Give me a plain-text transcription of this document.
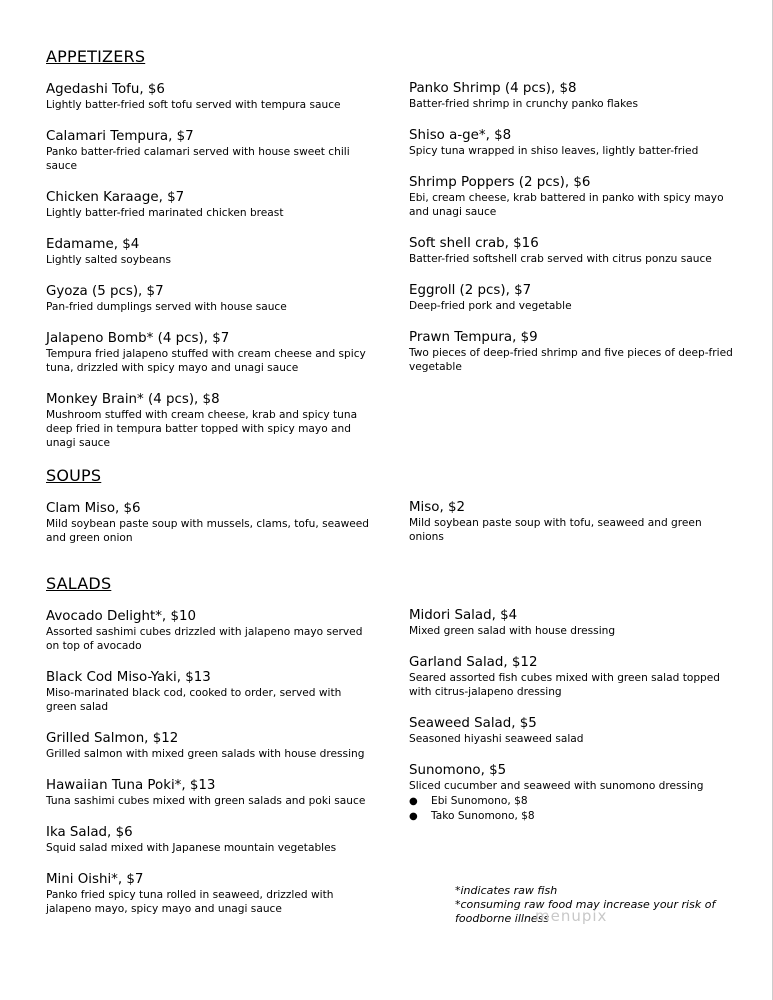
APPETIZERS
Agedashi Tofu, $6
Lightly batter-fried soft tofu served with tempura sauce
Calamari Tempura, $7
Panko batter-fried calamari served with house sweet chili sauce
Chicken Karaage, $7
Lightly batter-fried marinated chicken breast
Edamame, $4
Lightly salted soybeans
Gyoza (5 pcs), $7
Pan-fried dumplings served with house sauce
Jalapeno Bomb* (4 pcs), $7
Tempura fried jalapeno stuffed with cream cheese and spicy tuna, drizzled with spicy mayo and unagi sauce
Monkey Brain* (4 pcs), $8
Mushroom stuffed with cream cheese, krab and spicy tuna deep fried in tempura batter topped with spicy mayo and unagi sauce
Panko Shrimp (4 pcs), $8
Batter-fried shrimp in crunchy panko flakes
Shiso a-ge*, $8
Spicy tuna wrapped in shiso leaves, lightly batter-fried
Shrimp Poppers (2 pcs), $6
Ebi, cream cheese, krab battered in panko with spicy mayo and unagi sauce
Soft shell crab, $16
Batter-fried softshell crab served with citrus ponzu sauce
Eggroll (2 pcs), $7
Deep-fried pork and vegetable
Prawn Tempura, $9
Two pieces of deep-fried shrimp and five pieces of deep-fried vegetable
SOUPS
Clam Miso, $6
Mild soybean paste soup with mussels, clams, tofu, seaweed and green onion
Miso, $2
Mild soybean paste soup with tofu, seaweed and green onions
SALADS
Avocado Delight*, $10
Assorted sashimi cubes drizzled with jalapeno mayo served on top of avocado
Black Cod Miso-Yaki, $13
Miso-marinated black cod, cooked to order, served with green salad
Grilled Salmon, $12
Grilled salmon with mixed green salads with house dressing
Hawaiian Tuna Poki*, $13
Tuna sashimi cubes mixed with green salads and poki sauce
Ika Salad, $6
Squid salad mixed with Japanese mountain vegetables
Mini Oishi*, $7
Panko fried spicy tuna rolled in seaweed, drizzled with jalapeno mayo, spicy mayo and unagi sauce
Midori Salad, $4
Mixed green salad with house dressing
Garland Salad, $12
Seared assorted fish cubes mixed with green salad topped with citrus-jalapeno dressing
Seaweed Salad, $5
Seasoned hiyashi seaweed salad
Sunomono, $5
Sliced cucumber and seaweed with sunomono dressing
● Ebi Sunomono, $8
● Tako Sunomono, $8
*indicates raw fish
*consuming raw food may increase your risk of foodborne illness
menupix
